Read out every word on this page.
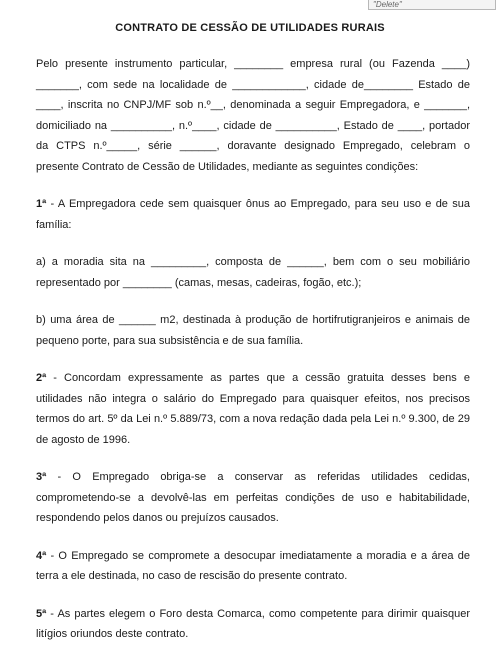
"Delete"
CONTRATO DE CESSÃO DE UTILIDADES RURAIS

Pelo presente instrumento particular, ________ empresa rural (ou Fazenda ____) _______, com sede na localidade de ____________, cidade de________ Estado de ____, inscrita no CNPJ/MF sob n.º__, denominada a seguir Empregadora, e _______, domiciliado na __________, n.º____, cidade de __________, Estado de ____, portador da CTPS n.º_____, série ______, doravante designado Empregado, celebram o presente Contrato de Cessão de Utilidades, mediante as seguintes condições:

1ª - A Empregadora cede sem quaisquer ônus ao Empregado, para seu uso e de sua família:

a) a moradia sita na _________, composta de ______, bem com o seu mobiliário representado por ________ (camas, mesas, cadeiras, fogão, etc.);

b) uma área de ______ m2, destinada à produção de hortifrutigranjeiros e animais de pequeno porte, para sua subsistência e de sua família.

2ª - Concordam expressamente as partes que a cessão gratuita desses bens e utilidades não integra o salário do Empregado para quaisquer efeitos, nos precisos termos do art. 5º da Lei n.º 5.889/73, com a nova redação dada pela Lei n.º 9.300, de 29 de agosto de 1996.

3ª - O Empregado obriga-se a conservar as referidas utilidades cedidas, comprometendo-se a devolvê-las em perfeitas condições de uso e habitabilidade, respondendo pelos danos ou prejuízos causados.

4ª - O Empregado se compromete a desocupar imediatamente a moradia e a área de terra a ele destinada, no caso de rescisão do presente contrato.

5ª - As partes elegem o Foro desta Comarca, como competente para dirimir quaisquer litígios oriundos deste contrato.
